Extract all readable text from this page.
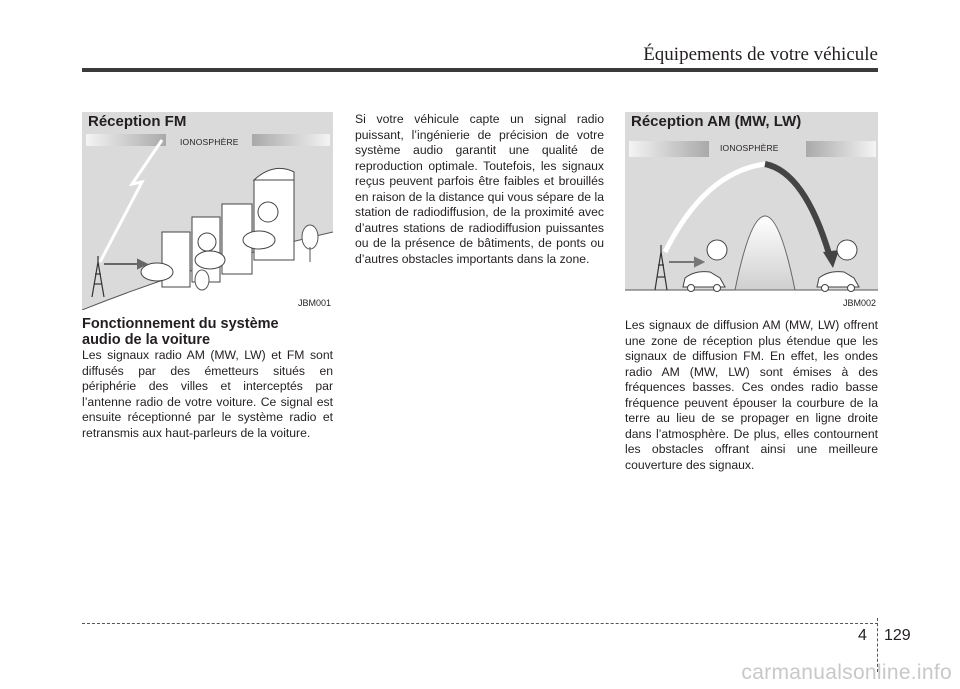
Équipements de votre véhicule
Réception FM
IONOSPHÈRE
JBM001
Fonctionnement du système
audio de la voiture

Les signaux radio AM (MW, LW) et FM sont diffusés par des émetteurs situés en périphérie des villes et interceptés par l’antenne radio de votre voiture. Ce signal est ensuite réceptionné par le système radio et retransmis aux haut-parleurs de la voiture.

Si votre véhicule capte un signal radio puissant, l’ingénierie de précision de votre système audio garantit une qualité de reproduction optimale. Toutefois, les signaux reçus peuvent parfois être faibles et brouillés en raison de la distance qui vous sépare de la station de radiodiffusion, de la proximité avec d’autres stations de radiodiffusion puissantes ou de la présence de bâtiments, de ponts ou d’autres obstacles importants dans la zone.

Réception AM (MW, LW)
IONOSPHÈRE
JBM002

Les signaux de diffusion AM (MW, LW) offrent une zone de réception plus étendue que les signaux de diffusion FM. En effet, les ondes radio AM (MW, LW) sont émises à des fréquences basses. Ces ondes radio basse fréquence peuvent épouser la courbure de la terre au lieu de se propager en ligne droite dans l’atmosphère. De plus, elles contournent les obstacles offrant ainsi une meilleure couverture des signaux.

4 129
carmanualsonline.info
